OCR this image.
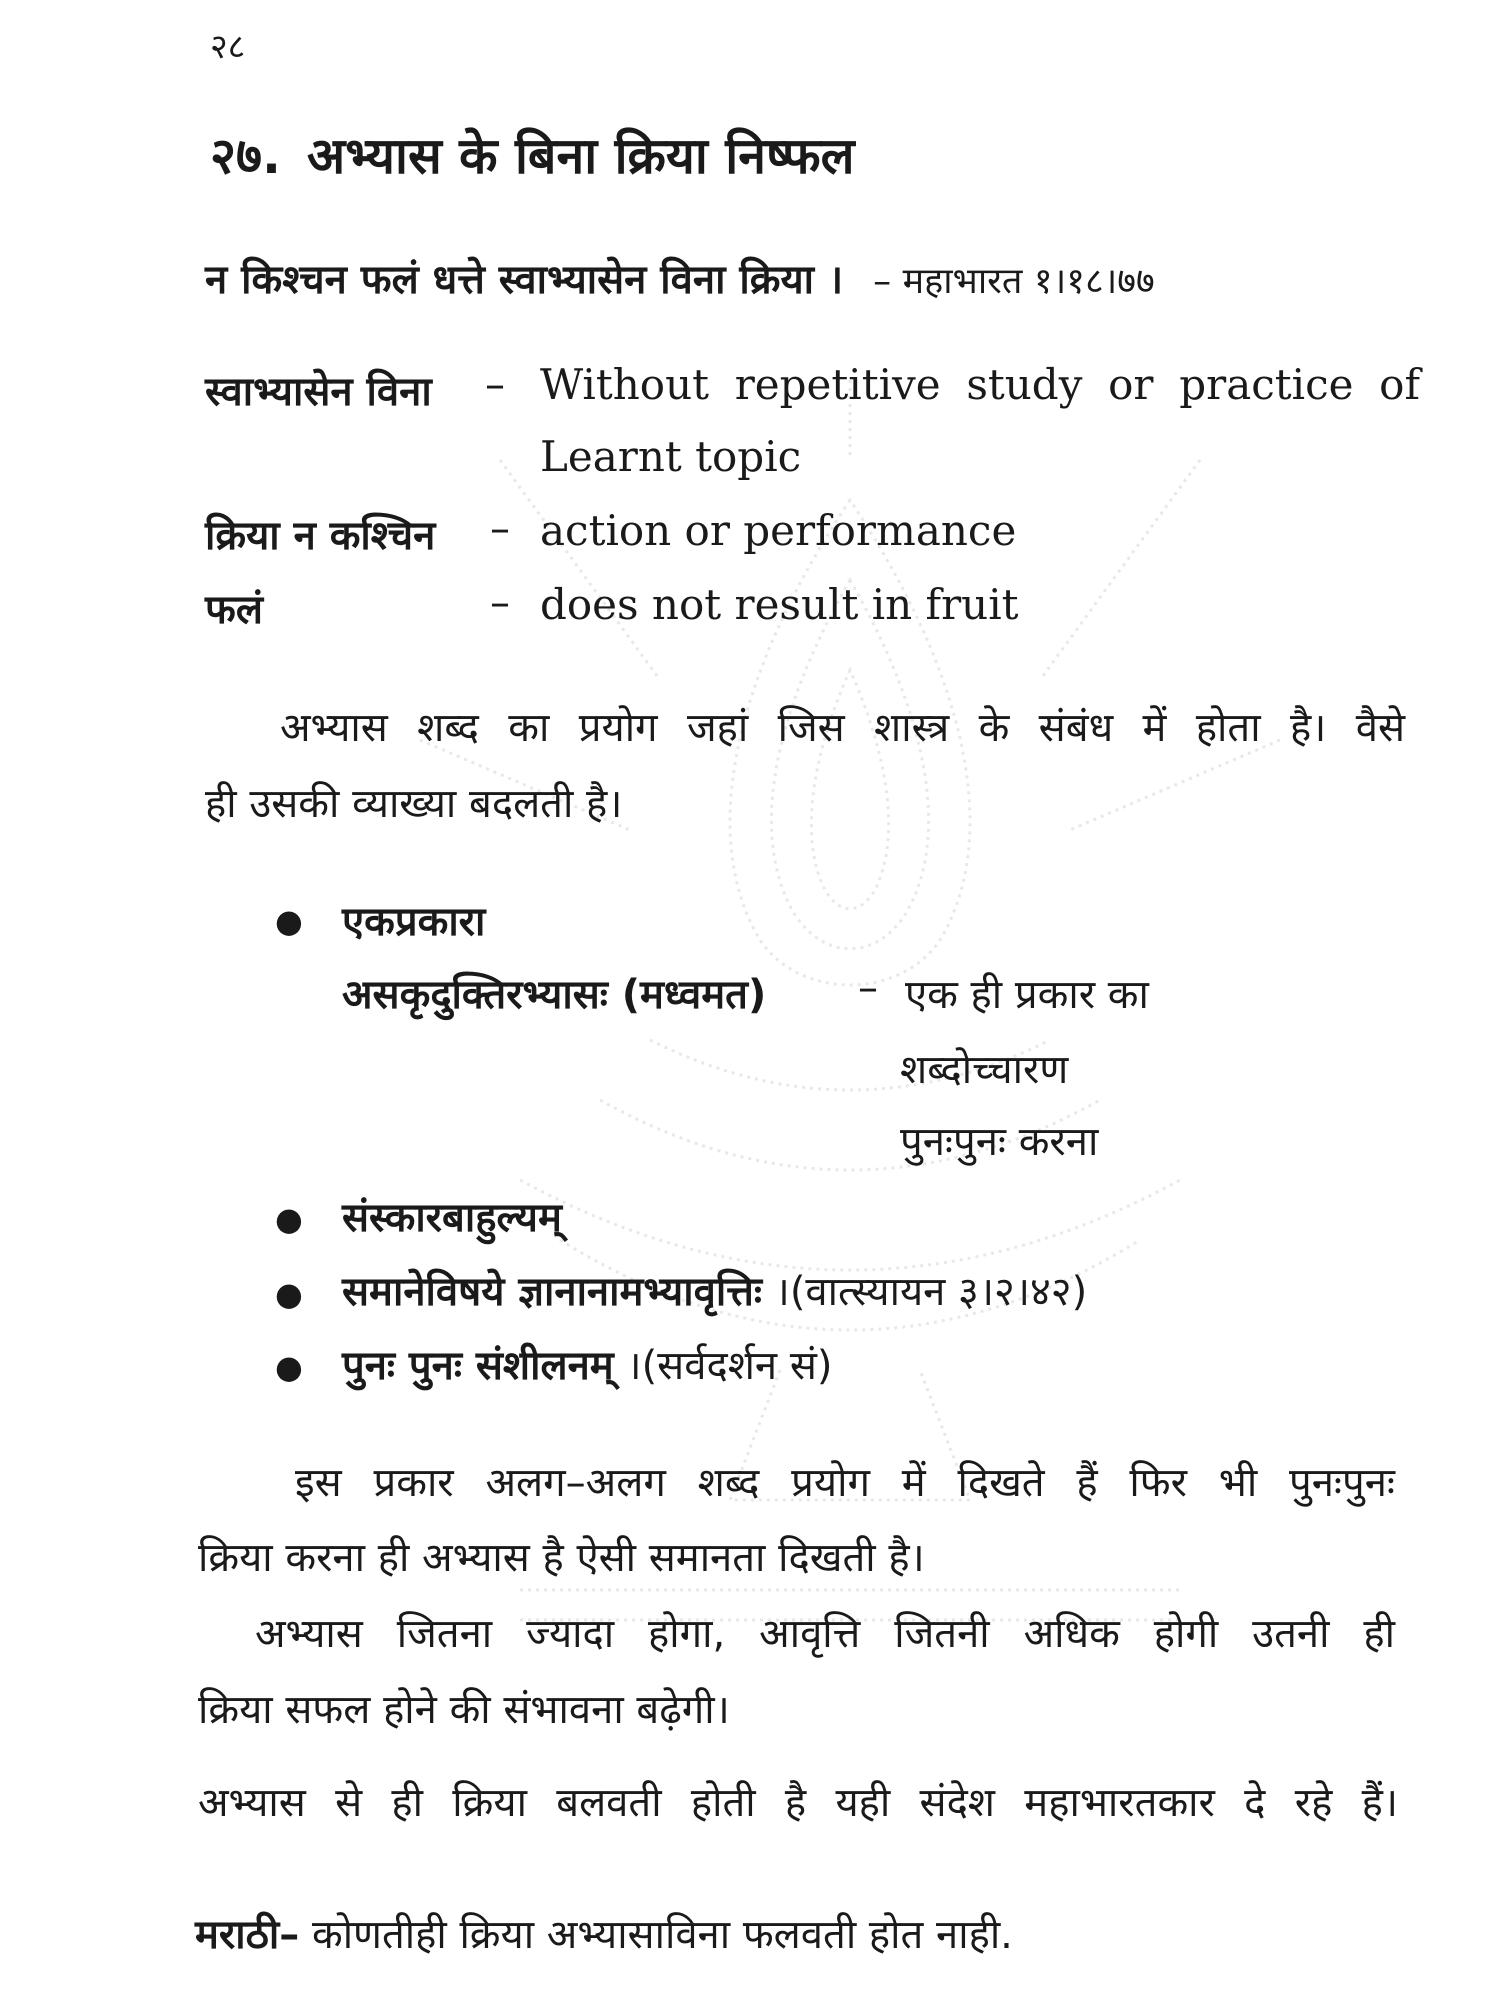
२८
२७. अभ्यास के बिना क्रिया निष्फल
न किश्चन फलं धत्ते स्वाभ्यासेन विना क्रिया । – महाभारत १।१८।७७
स्वाभ्यासेन विना – Without repetitive study or practice of
Learnt topic
क्रिया न कश्चिन – action or performance
फलं	– does not result in fruit
अभ्यास शब्द का प्रयोग जहां जिस शास्त्र के संबंध में होता है। वैसे
ही उसकी व्याख्या बदलती है।
● एकप्रकारा
असकृदुक्तिरभ्यासः (मध्वमत) – एक ही प्रकार का
शब्दोच्चारण
पुनःपुनः करना
● संस्कारबाहुल्यम्
● समानेविषये ज्ञानानामभ्यावृत्तिः ।(वात्स्यायन ३।२।४२)
● पुनः पुनः संशीलनम् ।(सर्वदर्शन सं)
इस प्रकार अलग–अलग शब्द प्रयोग में दिखते हैं फिर भी पुनःपुनः
क्रिया करना ही अभ्यास है ऐसी समानता दिखती है।
अभ्यास जितना ज्यादा होगा, आवृत्ति जितनी अधिक होगी उतनी ही
क्रिया सफल होने की संभावना बढ़ेगी।
अभ्यास से ही क्रिया बलवती होती है यही संदेश महाभारतकार दे रहे हैं।
मराठी– कोणतीही क्रिया अभ्यासाविना फलवती होत नाही.
